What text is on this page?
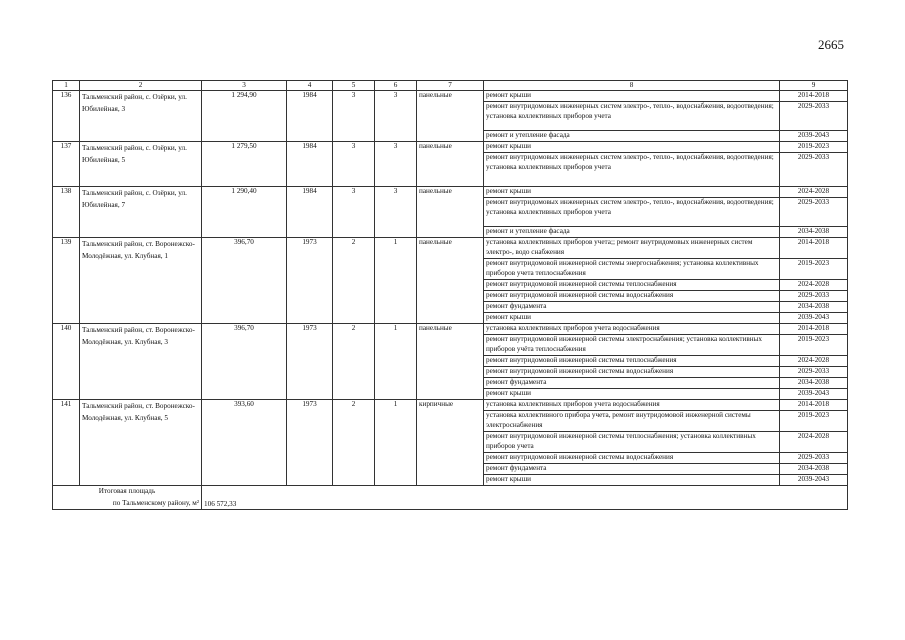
2665
1	2	3	4	5	6	7	8	9
136	Тальменский район, с. Озёрки, ул. Юбилейная, 3	1 294,90	1984	3	3	панельные	ремонт крыши	2014-2018
							ремонт внутридомовых инженерных систем электро-, тепло-, водоснабжения, водоотведения; установка коллективных приборов учета	2029-2033
							ремонт и утепление фасада	2039-2043
137	Тальменский район, с. Озёрки, ул. Юбилейная, 5	1 279,50	1984	3	3	панельные	ремонт крыши	2019-2023
							ремонт внутридомовых инженерных систем электро-, тепло-, водоснабжения, водоотведения; установка коллективных приборов учета	2029-2033
138	Тальменский район, с. Озёрки, ул. Юбилейная, 7	1 290,40	1984	3	3	панельные	ремонт крыши	2024-2028
							ремонт внутридомовых инженерных систем электро-, тепло-, водоснабжения, водоотведения; установка коллективных приборов учета	2029-2033
							ремонт и утепление фасада	2034-2038
139	Тальменский район, ст. Воронежско-Молодёжная, ул. Клубная, 1	396,70	1973	2	1	панельные	установка коллективных приборов учета;; ремонт внутридомовых инженерных систем электро-, водо снабжения	2014-2018
							ремонт внутридомовой инженерной системы энергоснабжения; установка коллективных приборов учета теплоснабжения	2019-2023
							ремонт внутридомовой инженерной системы теплоснабжения	2024-2028
							ремонт внутридомовой инженерной системы водоснабжения	2029-2033
							ремонт фундамента	2034-2038
							ремонт крыши	2039-2043
140	Тальменский район, ст. Воронежско-Молодёжная, ул. Клубная, 3	396,70	1973	2	1	панельные	установка коллективных приборов учета водоснабжения	2014-2018
							ремонт внутридомовой инженерной системы электроснабжения; установка коллективных приборов учёта теплоснабжения	2019-2023
							ремонт внутридомовой инженерной системы теплоснабжения	2024-2028
							ремонт внутридомовой инженерной системы водоснабжения	2029-2033
							ремонт фундамента	2034-2038
							ремонт крыши	2039-2043
141	Тальменский район, ст. Воронежско-Молодёжная, ул. Клубная, 5	393,60	1973	2	1	кирпичные	установка коллективных приборов учета водоснабжения	2014-2018
							установка коллективного прибора учета, ремонт внутридомовой инженерной системы электроснабжения	2019-2023
							ремонт внутридомовой инженерной системы теплоснабжения; установка коллективных приборов учета	2024-2028
							ремонт внутридомовой инженерной системы водоснабжения	2029-2033
							ремонт фундамента	2034-2038
							ремонт крыши	2039-2043

Итоговая площадь
по Тальменскому району, м²		106 572,33						
